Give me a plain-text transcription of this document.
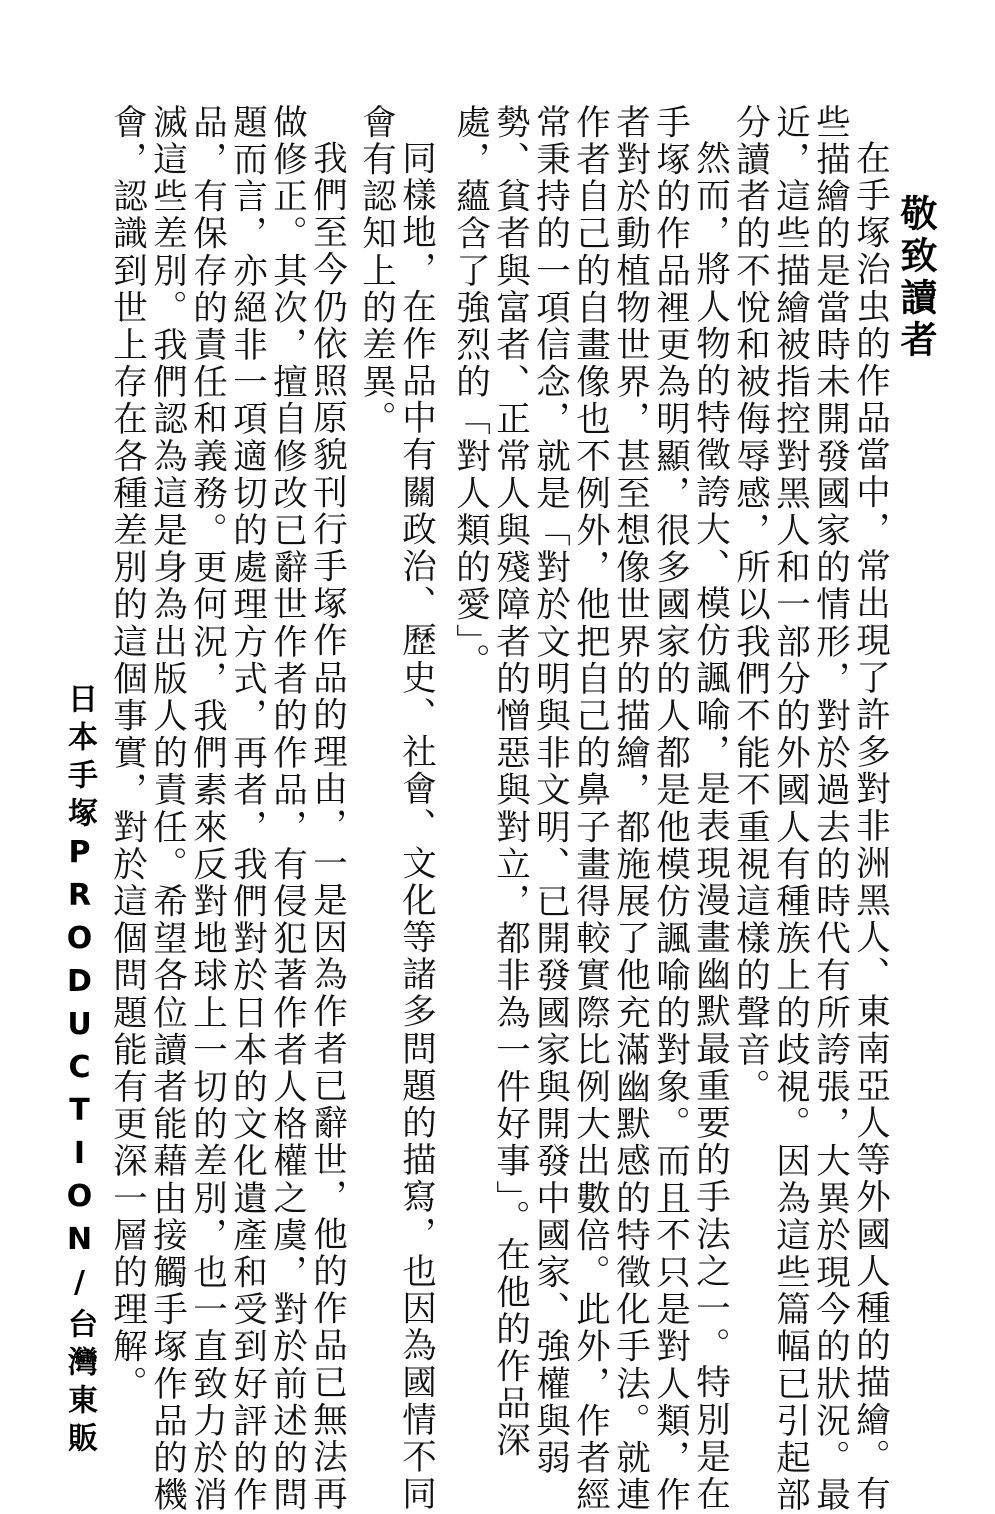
敬致讀者
在手塚治虫的作品當中，常出現了許多對非洲黑人、東南亞人等外國人種的描繪。有
些描繪的是當時未開發國家的情形，對於過去的時代有所誇張，大異於現今的狀況。最
近，這些描繪被指控對黑人和一部分的外國人有種族上的歧視。因為這些篇幅已引起部
分讀者的不悅和被侮辱感，所以我們不能不重視這樣的聲音。
然而，將人物的特徵誇大、模仿諷喻，是表現漫畫幽默最重要的手法之一。特別是在
手塚的作品裡更為明顯，很多國家的人都是他模仿諷喻的對象。而且不只是對人類，作
者對於動植物世界，甚至想像世界的描繪，都施展了他充滿幽默感的特徵化手法。就連
作者自己的自畫像也不例外，他把自己的鼻子畫得較實際比例大出數倍。此外，作者經
常秉持的一項信念，就是「對於文明與非文明、已開發國家與開發中國家、強權與弱
勢、貧者與富者、正常人與殘障者的憎惡與對立，都非為一件好事」。在他的作品深
處，蘊含了強烈的「對人類的愛」。
同樣地，在作品中有關政治、歷史、社會、文化等諸多問題的描寫，也因為國情不同
會有認知上的差異。
我們至今仍依照原貌刊行手塚作品的理由，一是因為作者已辭世，他的作品已無法再
做修正。其次，擅自修改已辭世作者的作品，有侵犯著作者人格權之虞，對於前述的問
題而言，亦絕非一項適切的處理方式，再者，我們對於日本的文化遺產和受到好評的作
品，有保存的責任和義務。更何況，我們素來反對地球上一切的差別，也一直致力於消
滅這些差別。我們認為這是身為出版人的責任。希望各位讀者能藉由接觸手塚作品的機
會，認識到世上存在各種差別的這個事實，對於這個問題能有更深一層的理解。
日本手塚PRODUCTION/台灣東販
